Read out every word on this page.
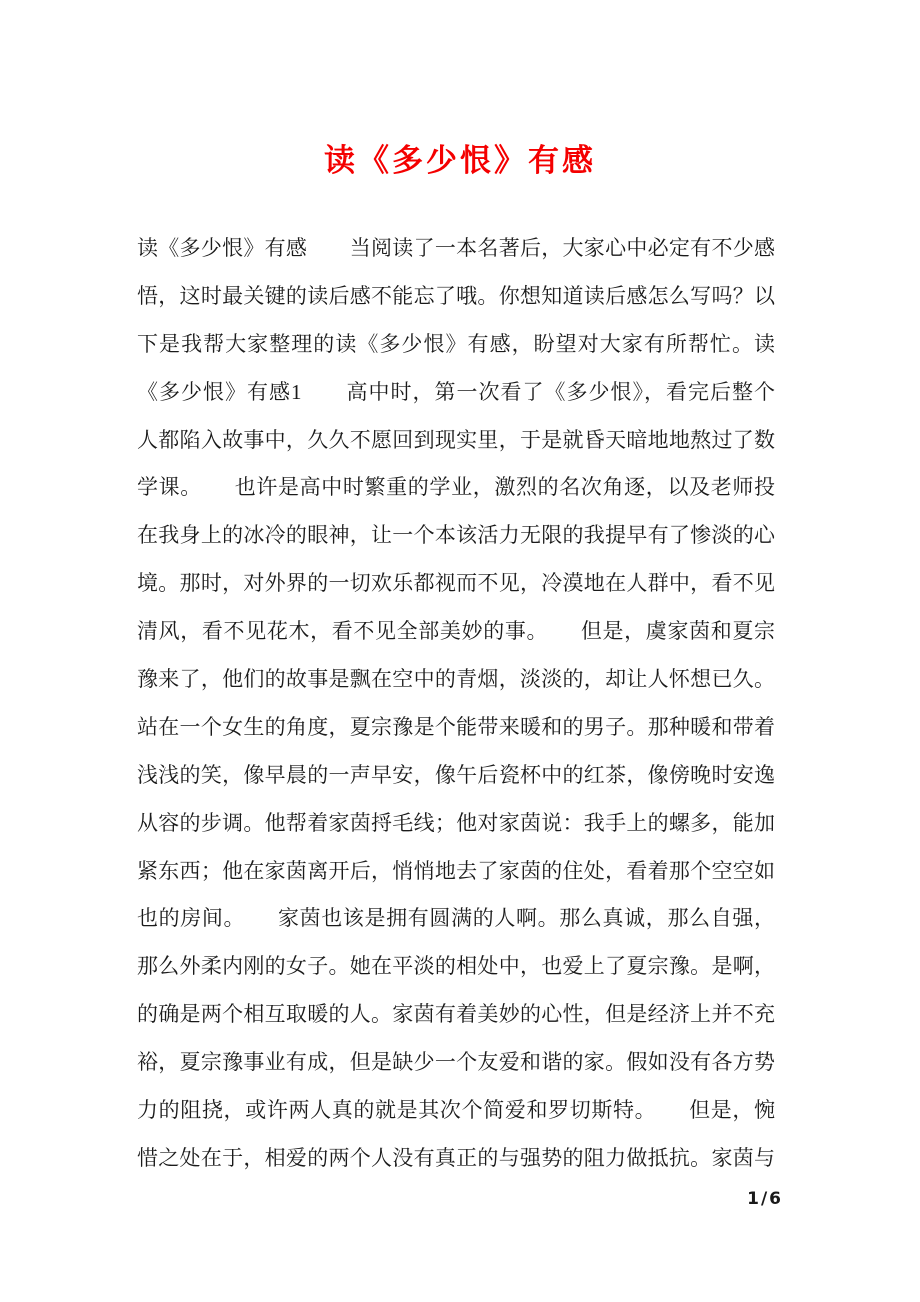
读《多少恨》有感
读《多少恨》有感　　当阅读了一本名著后，大家心中必定有不少感
悟，这时最关键的读后感不能忘了哦。你想知道读后感怎么写吗？以
下是我帮大家整理的读《多少恨》有感，盼望对大家有所帮忙。读
《多少恨》有感1　　高中时，第一次看了《多少恨》，看完后整个
人都陷入故事中，久久不愿回到现实里，于是就昏天暗地地熬过了数
学课。　　也许是高中时繁重的学业，激烈的名次角逐，以及老师投
在我身上的冰冷的眼神，让一个本该活力无限的我提早有了惨淡的心
境。那时，对外界的一切欢乐都视而不见，冷漠地在人群中，看不见
清风，看不见花木，看不见全部美妙的事。　　但是，虞家茵和夏宗
豫来了，他们的故事是飘在空中的青烟，淡淡的，却让人怀想已久。
站在一个女生的角度，夏宗豫是个能带来暖和的男子。那种暖和带着
浅浅的笑，像早晨的一声早安，像午后瓷杯中的红茶，像傍晚时安逸
从容的步调。他帮着家茵捋毛线；他对家茵说：我手上的螺多，能加
紧东西；他在家茵离开后，悄悄地去了家茵的住处，看着那个空空如
也的房间。　　家茵也该是拥有圆满的人啊。那么真诚，那么自强，
那么外柔内刚的女子。她在平淡的相处中，也爱上了夏宗豫。是啊，
的确是两个相互取暖的人。家茵有着美妙的心性，但是经济上并不充
裕，夏宗豫事业有成，但是缺少一个友爱和谐的家。假如没有各方势
力的阻挠，或许两人真的就是其次个简爱和罗切斯特。　　但是，惋
惜之处在于，相爱的两个人没有真正的与强势的阻力做抵抗。家茵与
1/6
